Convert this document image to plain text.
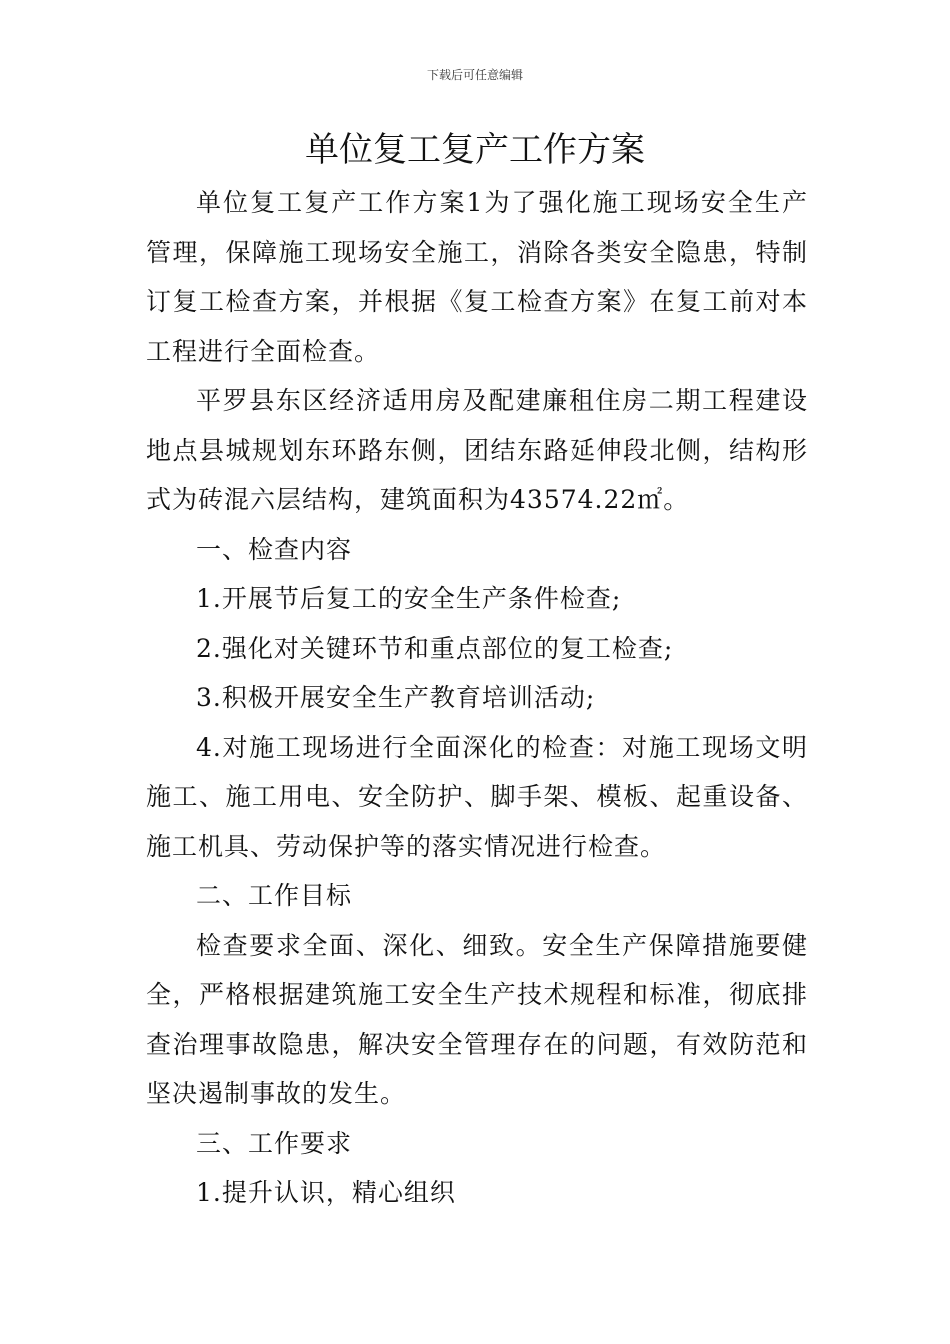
下载后可任意编辑
单位复工复产工作方案

单位复工复产工作方案1为了强化施工现场安全生产管理，保障施工现场安全施工，消除各类安全隐患，特制订复工检查方案，并根据《复工检查方案》在复工前对本工程进行全面检查。

平罗县东区经济适用房及配建廉租住房二期工程建设地点县城规划东环路东侧，团结东路延伸段北侧，结构形式为砖混六层结构，建筑面积为43574.22㎡。

一、检查内容

1.开展节后复工的安全生产条件检查;

2.强化对关键环节和重点部位的复工检查;

3.积极开展安全生产教育培训活动;

4.对施工现场进行全面深化的检查：对施工现场文明施工、施工用电、安全防护、脚手架、模板、起重设备、施工机具、劳动保护等的落实情况进行检查。

二、工作目标

检查要求全面、深化、细致。安全生产保障措施要健全，严格根据建筑施工安全生产技术规程和标准，彻底排查治理事故隐患，解决安全管理存在的问题，有效防范和坚决遏制事故的发生。

三、工作要求

1.提升认识，精心组织
